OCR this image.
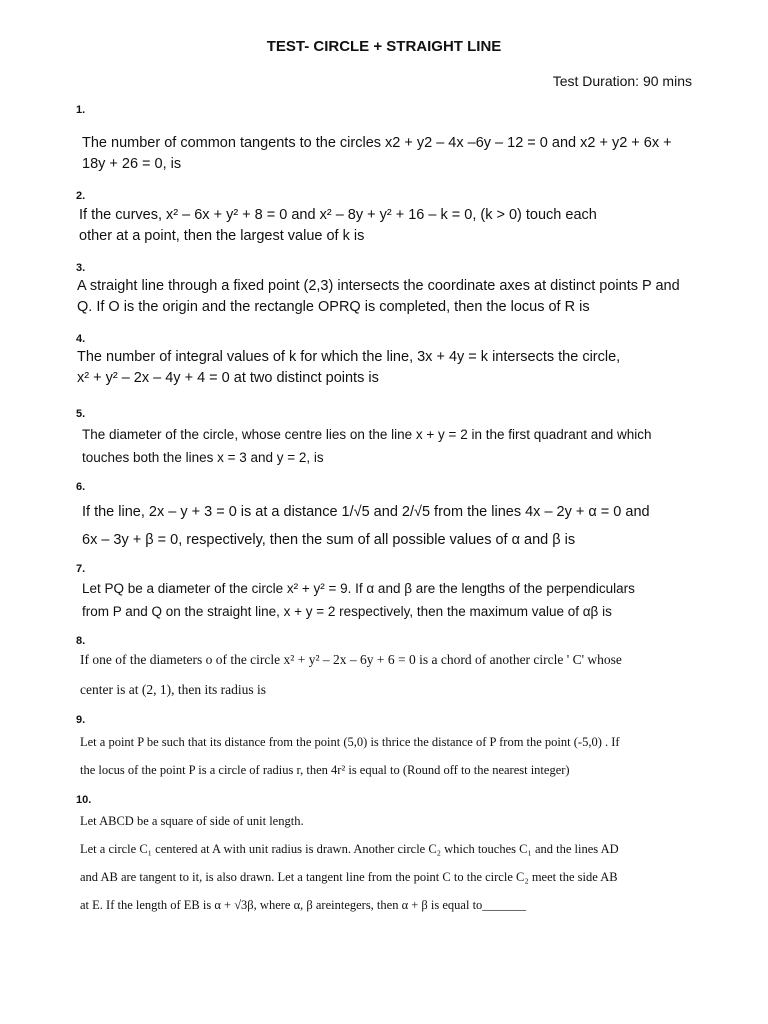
TEST- CIRCLE + STRAIGHT LINE
Test Duration: 90 mins
1.
The number of common tangents to the circles x2 + y2 – 4x –6y – 12 = 0 and x2 + y2 + 6x +
18y + 26 = 0, is
2.
If the curves, x² – 6x + y² + 8 = 0 and x² – 8y + y² + 16 – k = 0, (k > 0) touch each
other at a point, then the largest value of k is
3.
A straight line through a fixed point (2,3) intersects the coordinate axes at distinct points P and
Q. If O is the origin and the rectangle OPRQ is completed, then the locus of R is
4.
The number of integral values of k for which the line, 3x + 4y = k intersects the circle,
x² + y² – 2x – 4y + 4 = 0 at two distinct points is
5.
The diameter of the circle, whose centre lies on the line x + y = 2 in the first quadrant and which
touches both the lines x = 3 and y = 2, is
6.
If the line, 2x – y + 3 = 0 is at a distance 1/√5 and 2/√5 from the lines 4x – 2y + α = 0 and
6x – 3y + β = 0, respectively, then the sum of all possible values of α and β is
7.
Let PQ be a diameter of the circle x² + y² = 9. If α and β are the lengths of the perpendiculars
from P and Q on the straight line, x + y = 2 respectively, then the maximum value of αβ is
8.
If one of the diameters o of the circle x² + y² – 2x – 6y + 6 = 0 is a chord of another circle ' C' whose
center is at (2, 1), then its radius is
9.
Let a point P be such that its distance from the point (5,0) is thrice the distance of P from the point (-5,0) . If
the locus of the point P is a circle of radius r, then 4r² is equal to (Round off to the nearest integer)
10.
Let ABCD be a square of side of unit length.
Let a circle C₁ centered at A with unit radius is drawn. Another circle C₂ which touches C₁ and the lines AD
and AB are tangent to it, is also drawn. Let a tangent line from the point C to the circle C₂ meet the side AB
at E. If the length of EB is α + √3β, where α, β areintegers, then α + β is equal to_______
